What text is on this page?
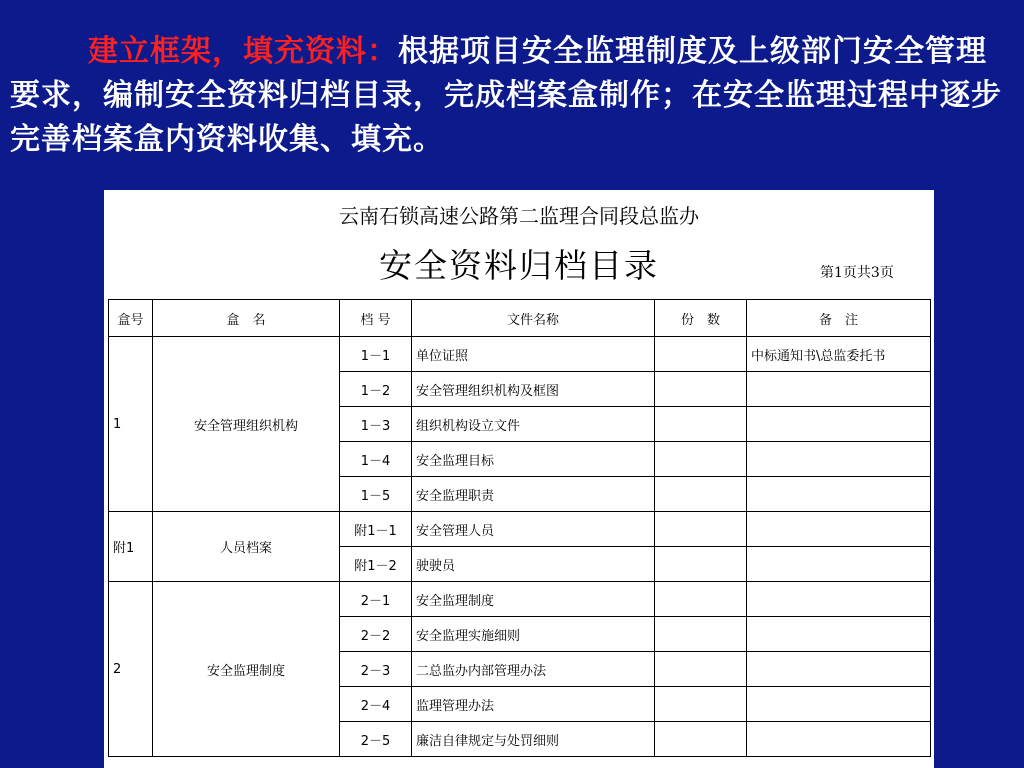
建立框架，填充资料：根据项目安全监理制度及上级部门安全管理要求，编制安全资料归档目录，完成档案盒制作；在安全监理过程中逐步完善档案盒内资料收集、填充。
云南石锁高速公路第二监理合同段总监办
安全资料归档目录	第1页共3页
盒号	盒　名	档 号	文件名称	份　数	备　注
1	安全管理组织机构	1－1	单位证照		中标通知书\总监委托书
		1－2	安全管理组织机构及框图		
		1－3	组织机构设立文件		
		1－4	安全监理目标		
		1－5	安全监理职责		
附1	人员档案	附1－1	安全管理人员		
		附1－2	驶驶员		
2	安全监理制度	2－1	安全监理制度		
		2－2	安全监理实施细则		
		2－3	二总监办内部管理办法		
		2－4	监理管理办法		
		2－5	廉洁自律规定与处罚细则		
